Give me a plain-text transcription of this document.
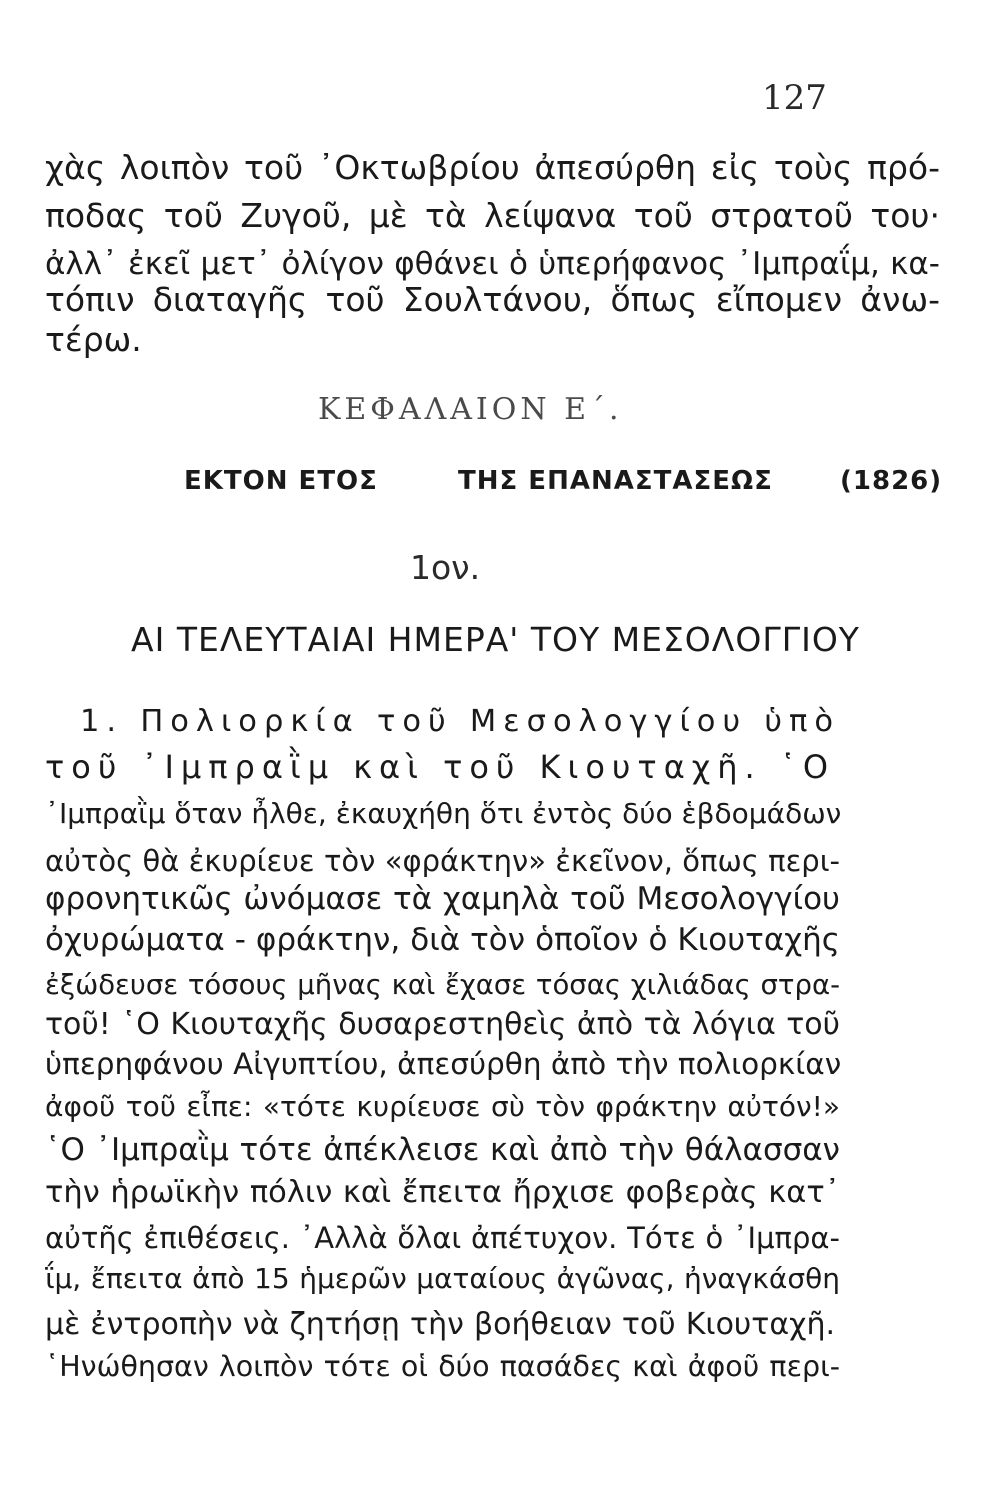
127
χὰς λοιπὸν τοῦ ᾿Οκτωβρίου ἀπεσύρθη εἰς τοὺς πρό-
ποδας τοῦ Ζυγοῦ, μὲ τὰ λείψανα τοῦ στρατοῦ του·
ἀλλ᾿ ἐκεῖ μετ᾿ ὀλίγον φθάνει ὁ ὑπερήφανος ᾿Ιμπραΐμ, κα-
τόπιν διαταγῆς τοῦ Σουλτάνου, ὅπως εἴπομεν ἀνω-
τέρω.
ΚΕΦΑΛΑΙΟΝ Ε΄.
ΕΚΤΟΝ ΕΤΟΣ	ΤΗΣ ΕΠΑΝΑΣΤΑΣΕΩΣ	(1826)
1ον.
ΑΙ ΤΕΛΕΥΤΑΙΑΙ ΗΜΕΡΑ' ΤΟΥ ΜΕΣΟΛΟΓΓΙΟΥ
1. Πολιορκία τοῦ Μεσολογγίου ὑπὸ
τοῦ ᾿Ιμπραῒμ καὶ τοῦ Κιουταχῆ. ῾Ο
᾿Ιμπραῒμ ὅταν ἦλθε, ἐκαυχήθη ὅτι ἐντὸς δύο ἑβδομάδων
αὐτὸς θὰ ἐκυρίευε τὸν «φράκτην» ἐκεῖνον, ὅπως περι-
φρονητικῶς ὠνόμασε τὰ χαμηλὰ τοῦ Μεσολογγίου
ὀχυρώματα - φράκτην, διὰ τὸν ὁποῖον ὁ Κιουταχῆς
ἐξώδευσε τόσους μῆνας καὶ ἔχασε τόσας χιλιάδας στρα-
τοῦ! ῾Ο Κιουταχῆς δυσαρεστηθεὶς ἀπὸ τὰ λόγια τοῦ
ὑπερηφάνου Αἰγυπτίου, ἀπεσύρθη ἀπὸ τὴν πολιορκίαν
ἀφοῦ τοῦ εἶπε: «τότε κυρίευσε σὺ τὸν φράκτην αὐτόν!»
῾Ο ᾿Ιμπραῒμ τότε ἀπέκλεισε καὶ ἀπὸ τὴν θάλασσαν
τὴν ἡρωϊκὴν πόλιν καὶ ἔπειτα ἤρχισε φοβερὰς κατ᾿
αὐτῆς ἐπιθέσεις. ᾿Αλλὰ ὅλαι ἀπέτυχον. Τότε ὁ ᾿Ιμπρα-
ΐμ, ἔπειτα ἀπὸ 15 ἡμερῶν ματαίους ἀγῶνας, ἠναγκάσθη
μὲ ἐντροπὴν νὰ ζητήσῃ τὴν βοήθειαν τοῦ Κιουταχῆ.
῾Ηνώθησαν λοιπὸν τότε οἱ δύο πασάδες καὶ ἀφοῦ περι-
